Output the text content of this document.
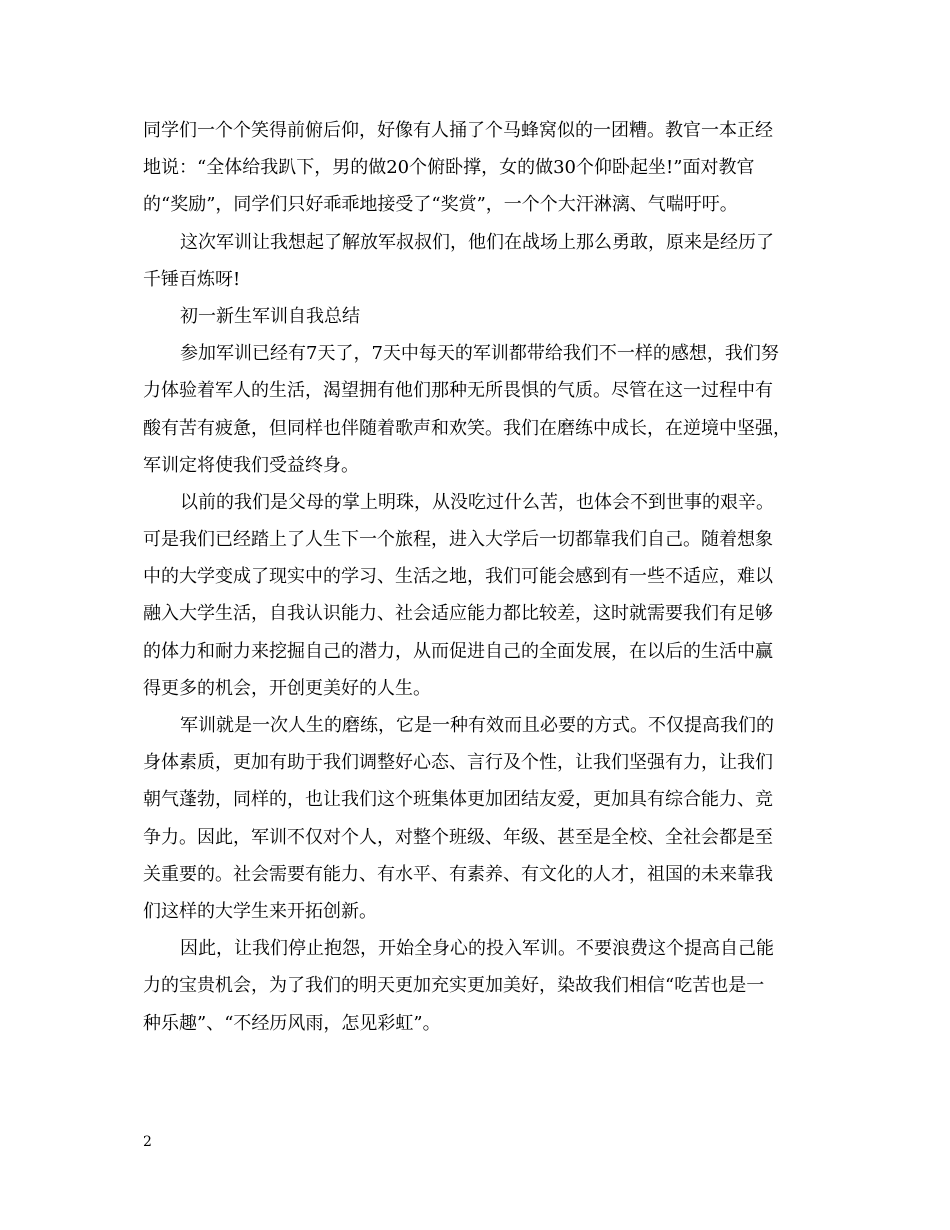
同学们一个个笑得前俯后仰，好像有人捅了个马蜂窝似的一团糟。教官一本正经
地说：“全体给我趴下，男的做20个俯卧撑，女的做30个仰卧起坐!”面对教官
的“奖励”，同学们只好乖乖地接受了“奖赏”，一个个大汗淋漓、气喘吁吁。
这次军训让我想起了解放军叔叔们，他们在战场上那么勇敢，原来是经历了
千锤百炼呀!
初一新生军训自我总结
参加军训已经有7天了，7天中每天的军训都带给我们不一样的感想，我们努
力体验着军人的生活，渴望拥有他们那种无所畏惧的气质。尽管在这一过程中有
酸有苦有疲惫，但同样也伴随着歌声和欢笑。我们在磨练中成长，在逆境中坚强，
军训定将使我们受益终身。
以前的我们是父母的掌上明珠，从没吃过什么苦，也体会不到世事的艰辛。
可是我们已经踏上了人生下一个旅程，进入大学后一切都靠我们自己。随着想象
中的大学变成了现实中的学习、生活之地，我们可能会感到有一些不适应，难以
融入大学生活，自我认识能力、社会适应能力都比较差，这时就需要我们有足够
的体力和耐力来挖掘自己的潜力，从而促进自己的全面发展，在以后的生活中赢
得更多的机会，开创更美好的人生。
军训就是一次人生的磨练，它是一种有效而且必要的方式。不仅提高我们的
身体素质，更加有助于我们调整好心态、言行及个性，让我们坚强有力，让我们
朝气蓬勃，同样的，也让我们这个班集体更加团结友爱，更加具有综合能力、竞
争力。因此，军训不仅对个人，对整个班级、年级、甚至是全校、全社会都是至
关重要的。社会需要有能力、有水平、有素养、有文化的人才，祖国的未来靠我
们这样的大学生来开拓创新。
因此，让我们停止抱怨，开始全身心的投入军训。不要浪费这个提高自己能
力的宝贵机会，为了我们的明天更加充实更加美好，染故我们相信“吃苦也是一
种乐趣”、“不经历风雨，怎见彩虹”。
2
